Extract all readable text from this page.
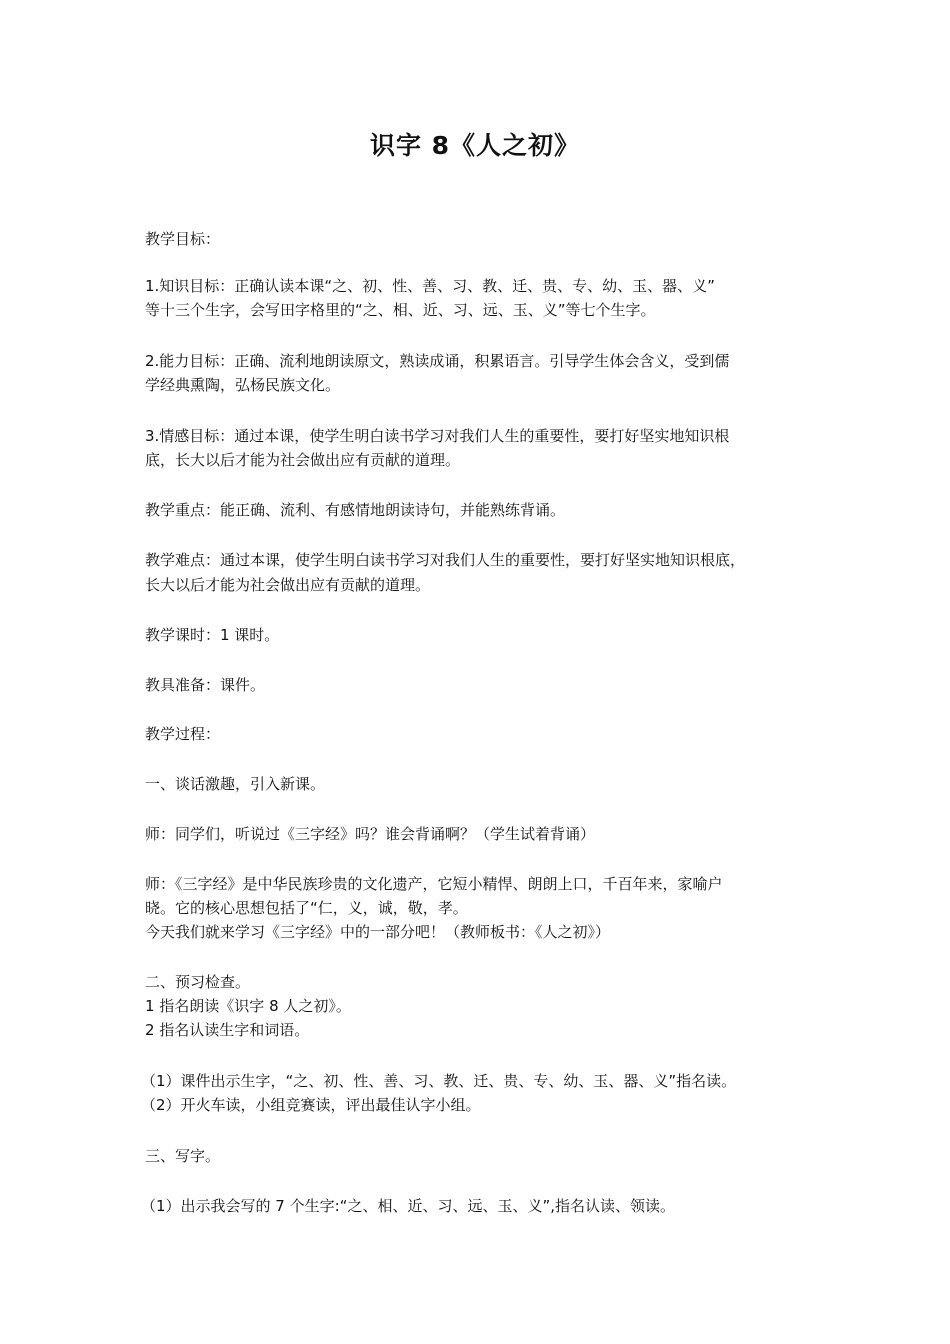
识字 8《人之初》

教学目标：

1.知识目标：正确认读本课“之、初、性、善、习、教、迁、贵、专、幼、玉、器、义”

等十三个生字，会写田字格里的“之、相、近、习、远、玉、义”等七个生字。

2.能力目标：正确、流利地朗读原文，熟读成诵，积累语言。引导学生体会含义，受到儒

学经典熏陶，弘杨民族文化。

3.情感目标：通过本课，使学生明白读书学习对我们人生的重要性，要打好坚实地知识根

底，长大以后才能为社会做出应有贡献的道理。

教学重点：能正确、流利、有感情地朗读诗句，并能熟练背诵。

教学难点：通过本课，使学生明白读书学习对我们人生的重要性，要打好坚实地知识根底，

长大以后才能为社会做出应有贡献的道理。

教学课时：1 课时。

教具准备：课件。

教学过程：

一、谈话激趣，引入新课。

师：同学们，听说过《三字经》吗？谁会背诵啊？（学生试着背诵）

师：《三字经》是中华民族珍贵的文化遗产，它短小精悍、朗朗上口，千百年来，家喻户

晓。它的核心思想包括了“仁，义，诚，敬，孝。

今天我们就来学习《三字经》中的一部分吧！（教师板书：《人之初》）

二、预习检查。

1 指名朗读《识字 8 人之初》。

2 指名认读生字和词语。

（1）课件出示生字，“之、初、性、善、习、教、迁、贵、专、幼、玉、器、义”指名读。

（2）开火车读，小组竞赛读，评出最佳认字小组。

三、写字。

（1）出示我会写的 7 个生字:“之、相、近、习、远、玉、义”,指名认读、领读。
